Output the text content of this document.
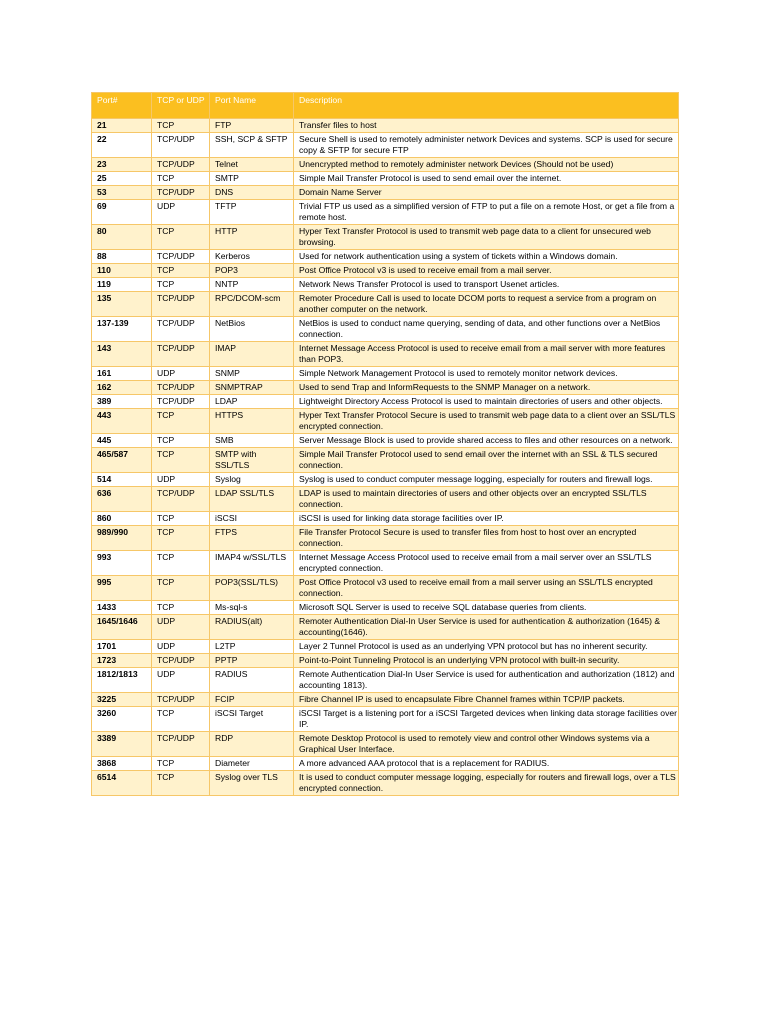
Port#	TCP or UDP	Port Name	Description
21	TCP	FTP	Transfer files to host
22	TCP/UDP	SSH, SCP & SFTP	Secure Shell is used to remotely administer network Devices and systems. SCP is used for secure copy & SFTP for secure FTP
23	TCP/UDP	Telnet	Unencrypted method to remotely administer network Devices (Should not be used)
25	TCP	SMTP	Simple Mail Transfer Protocol is used to send email over the internet.
53	TCP/UDP	DNS	Domain Name Server
69	UDP	TFTP	Trivial FTP us used as a simplified version of FTP to put a file on a remote Host, or get a file from a remote host.
80	TCP	HTTP	Hyper Text Transfer Protocol is used to transmit web page data to a client for unsecured web browsing.
88	TCP/UDP	Kerberos	Used for network authentication using a system of tickets within a Windows domain.
110	TCP	POP3	Post Office Protocol v3 is used to receive email from a mail server.
119	TCP	NNTP	Network News Transfer Protocol is used to transport Usenet articles.
135	TCP/UDP	RPC/DCOM-scm	Remoter Procedure Call is used to locate DCOM ports to request a service from a program on another computer on the network.
137-139	TCP/UDP	NetBios	NetBios is used to conduct name querying, sending of data, and other functions over a NetBios connection.
143	TCP/UDP	IMAP	Internet Message Access Protocol is used to receive email from a mail server with more features than POP3.
161	UDP	SNMP	Simple Network Management Protocol is used to remotely monitor network devices.
162	TCP/UDP	SNMPTRAP	Used to send Trap and InformRequests to the SNMP Manager on a network.
389	TCP/UDP	LDAP	Lightweight Directory Access Protocol is used to maintain directories of users and other objects.
443	TCP	HTTPS	Hyper Text Transfer Protocol Secure is used to transmit web page data to a client over an SSL/TLS encrypted connection.
445	TCP	SMB	Server Message Block is used to provide shared access to files and other resources on a network.
465/587	TCP	SMTP with SSL/TLS	Simple Mail Transfer Protocol used to send email over the internet with an SSL & TLS secured connection.
514	UDP	Syslog	Syslog is used to conduct computer message logging, especially for routers and firewall logs.
636	TCP/UDP	LDAP SSL/TLS	LDAP is used to maintain directories of users and other objects over an encrypted SSL/TLS connection.
860	TCP	iSCSI	iSCSI is used for linking data storage facilities over IP.
989/990	TCP	FTPS	File Transfer Protocol Secure is used to transfer files from host to host over an encrypted connection.
993	TCP	IMAP4 w/SSL/TLS	Internet Message Access Protocol used to receive email from a mail server over an SSL/TLS encrypted connection.
995	TCP	POP3(SSL/TLS)	Post Office Protocol v3 used to receive email from a mail server using an SSL/TLS encrypted connection.
1433	TCP	Ms-sql-s	Microsoft SQL Server is used to receive SQL database queries from clients.
1645/1646	UDP	RADIUS(alt)	Remoter Authentication Dial-In User Service is used for authentication & authorization (1645) & accounting(1646).
1701	UDP	L2TP	Layer 2 Tunnel Protocol is used as an underlying VPN protocol but has no inherent security.
1723	TCP/UDP	PPTP	Point-to-Point Tunneling Protocol is an underlying VPN protocol with built-in security.
1812/1813	UDP	RADIUS	Remote Authentication Dial-In User Service is used for authentication and authorization (1812) and accounting 1813).
3225	TCP/UDP	FCIP	Fibre Channel IP is used to encapsulate Fibre Channel frames within TCP/IP packets.
3260	TCP	iSCSI Target	iSCSI Target is a listening port for a iSCSI Targeted devices when linking data storage facilities over IP.
3389	TCP/UDP	RDP	Remote Desktop Protocol is used to remotely view and control other Windows systems via a Graphical User Interface.
3868	TCP	Diameter	A more advanced AAA protocol that is a replacement for RADIUS.
6514	TCP	Syslog over TLS	It is used to conduct computer message logging, especially for routers and firewall logs, over a TLS encrypted connection.
